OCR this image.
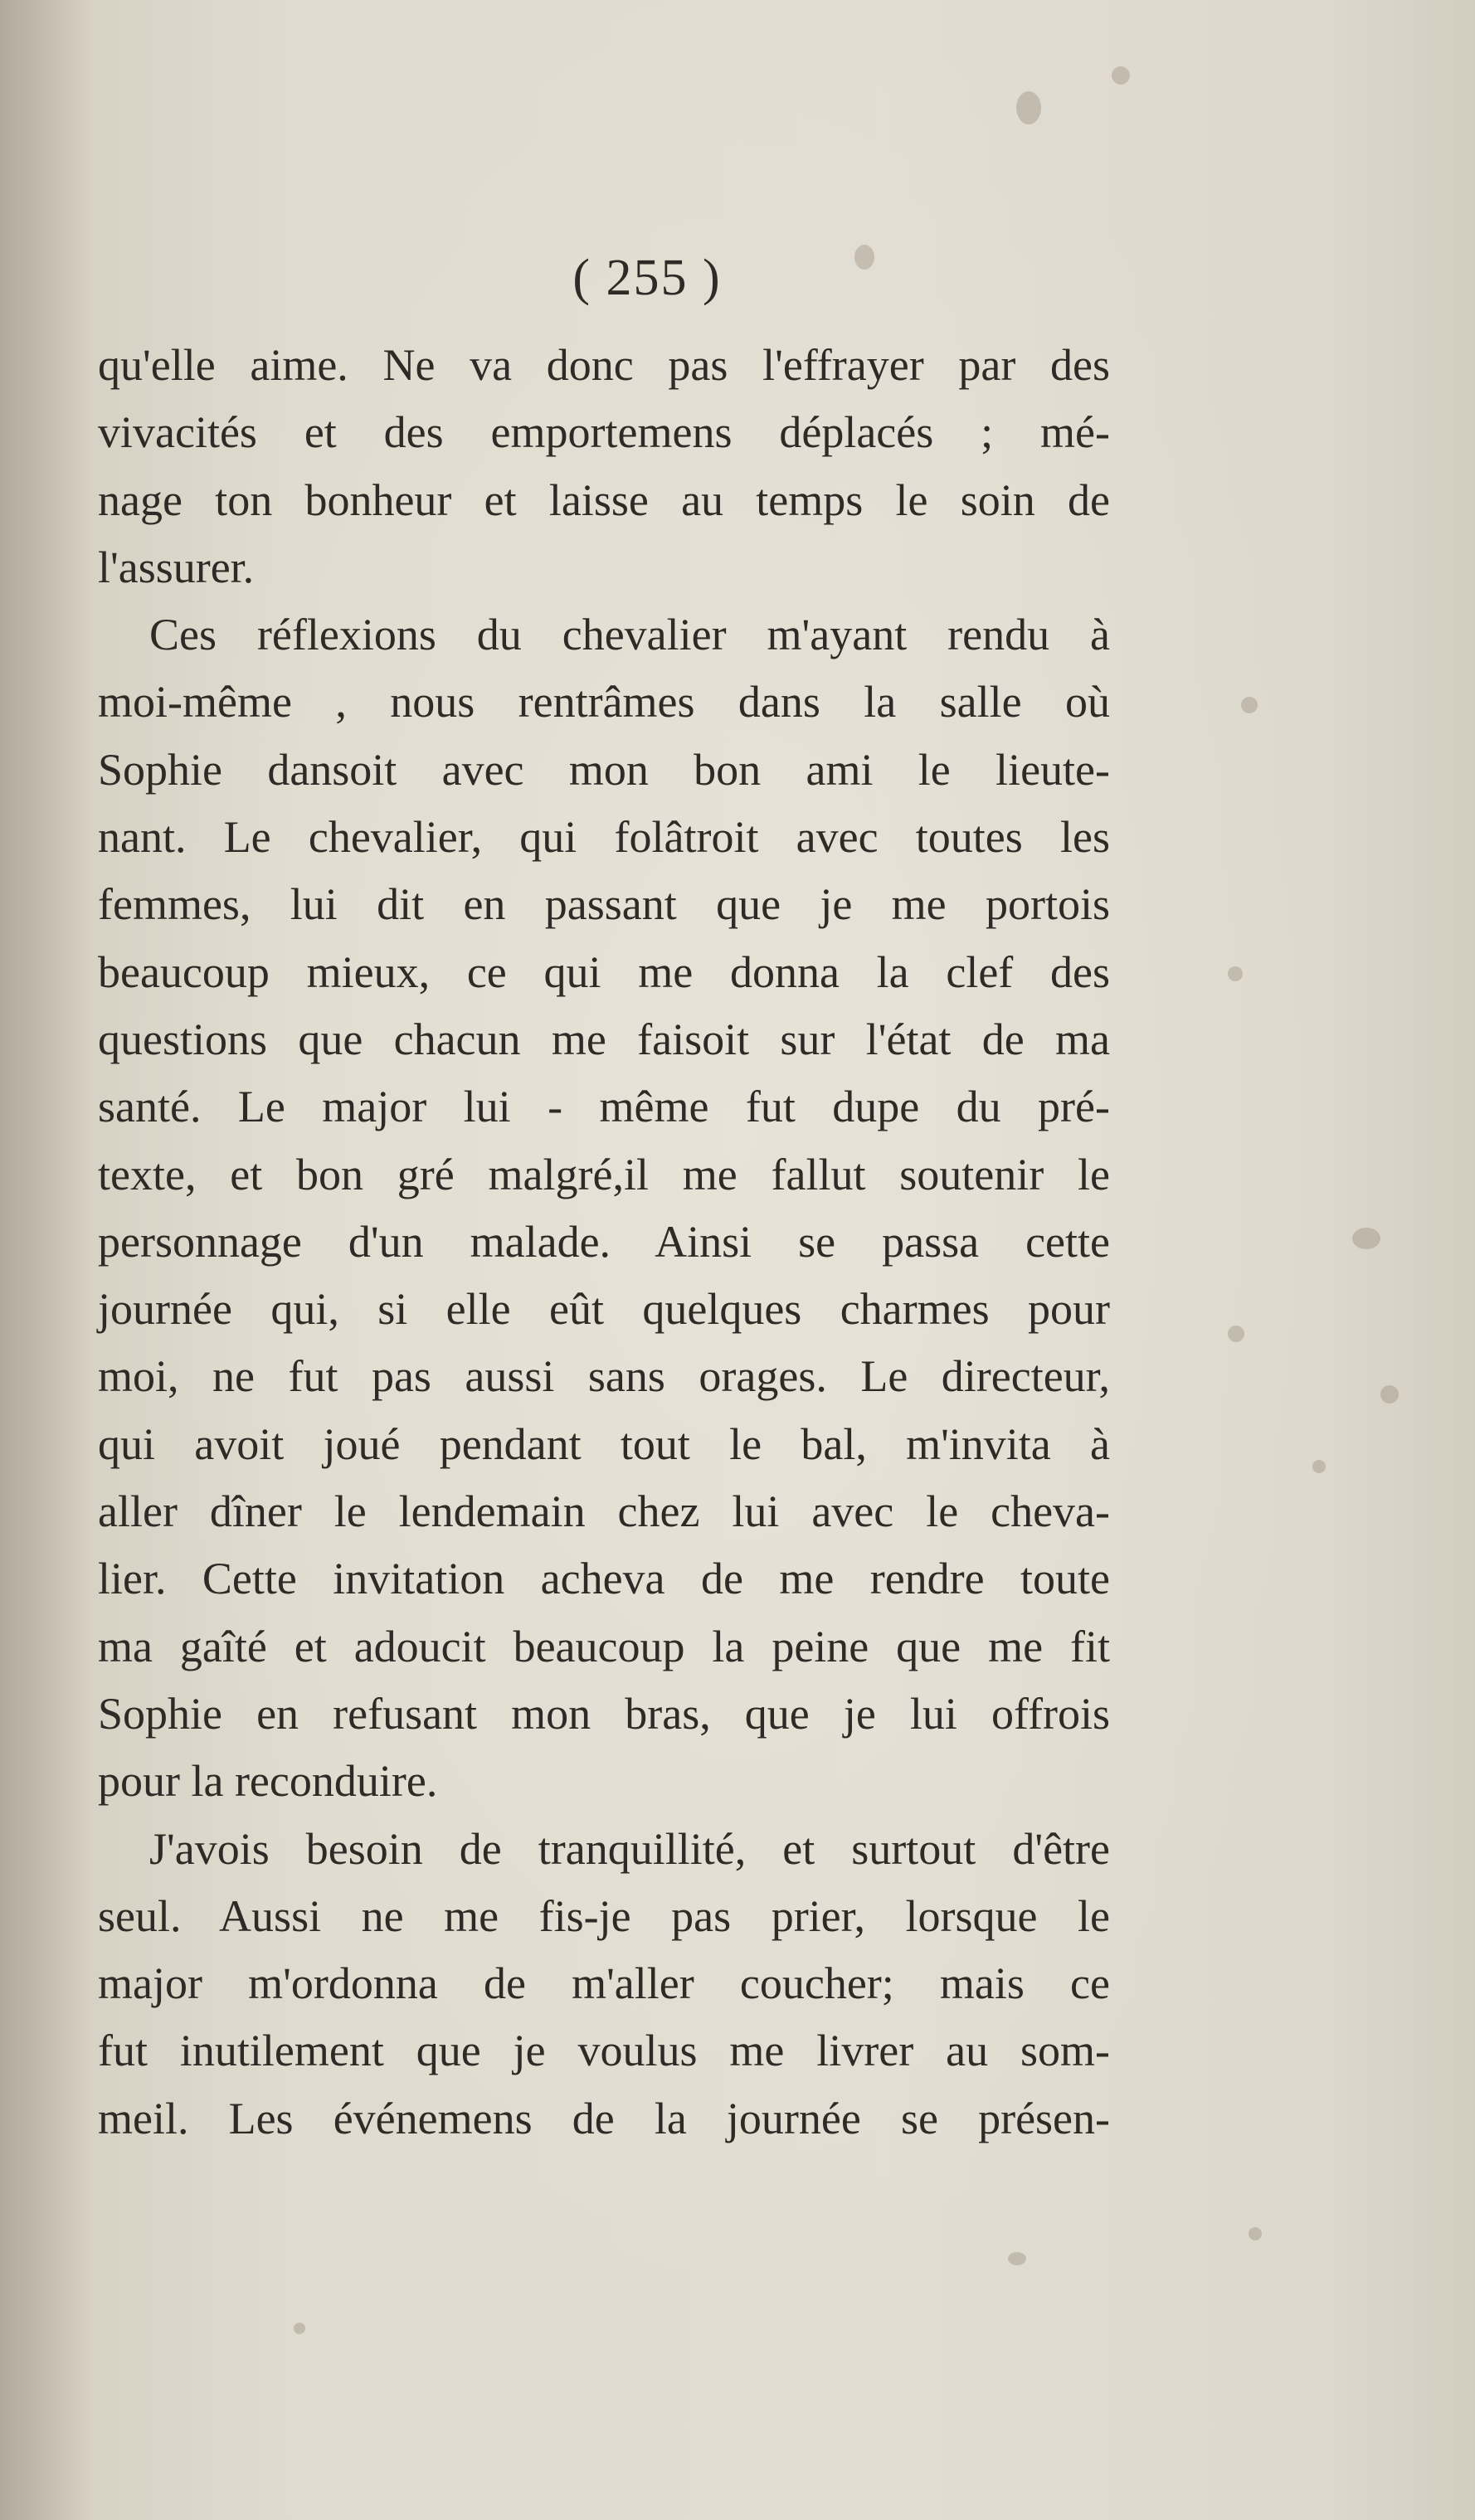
( 255 )
qu'elle aime. Ne va donc pas l'effrayer par des
vivacités et des emportemens déplacés ; mé-
nage ton bonheur et laisse au temps le soin de
l'assurer.
Ces réflexions du chevalier m'ayant rendu à
moi-même , nous rentrâmes dans la salle où
Sophie dansoit avec mon bon ami le lieute-
nant. Le chevalier, qui folâtroit avec toutes les
femmes, lui dit en passant que je me portois
beaucoup mieux, ce qui me donna la clef des
questions que chacun me faisoit sur l'état de ma
santé. Le major lui - même fut dupe du pré-
texte, et bon gré malgré,il me fallut soutenir le
personnage d'un malade. Ainsi se passa cette
journée qui, si elle eût quelques charmes pour
moi, ne fut pas aussi sans orages. Le directeur,
qui avoit joué pendant tout le bal, m'invita à
aller dîner le lendemain chez lui avec le cheva-
lier. Cette invitation acheva de me rendre toute
ma gaîté et adoucit beaucoup la peine que me fit
Sophie en refusant mon bras, que je lui offrois
pour la reconduire.
J'avois besoin de tranquillité, et surtout d'être
seul. Aussi ne me fis-je pas prier, lorsque le
major m'ordonna de m'aller coucher; mais ce
fut inutilement que je voulus me livrer au som-
meil. Les événemens de la journée se présen-
